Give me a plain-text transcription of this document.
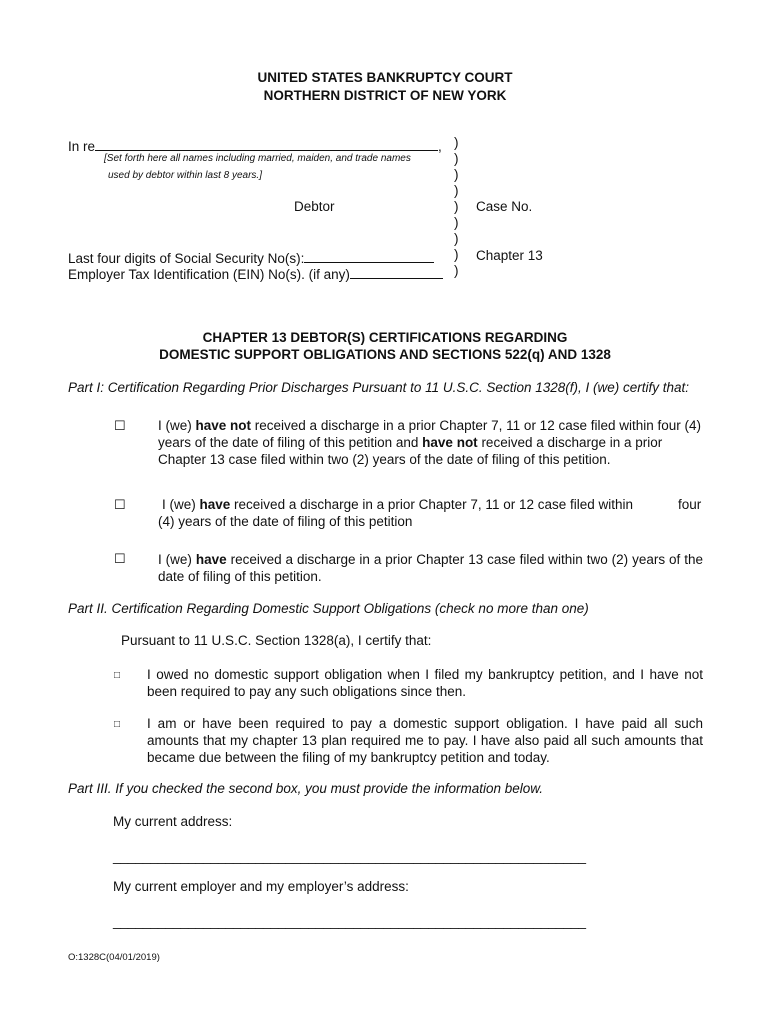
UNITED STATES BANKRUPTCY COURT
NORTHERN DISTRICT OF NEW YORK
In re	,
[Set forth here all names including married, maiden, and trade names
used by debtor within last 8 years.]
Debtor
Last four digits of Social Security No(s):
Employer Tax Identification (EIN) No(s). (if any)
)
)
)
)
)
)
)
)
)
Case No.
Chapter 13
CHAPTER 13 DEBTOR(S) CERTIFICATIONS REGARDING
DOMESTIC SUPPORT OBLIGATIONS AND SECTIONS 522(q) AND 1328
Part I: Certification Regarding Prior Discharges Pursuant to 11 U.S.C. Section 1328(f), I (we) certify that:
☐ I (we) have not received a discharge in a prior Chapter 7, 11 or 12 case filed within four (4) years of the date of filing of this petition and have not received a discharge in a prior Chapter 13 case filed within two (2) years of the date of filing of this petition.
☐	I (we) have received a discharge in a prior Chapter 7, 11 or 12 case filed within	four
(4) years of the date of filing of this petition
☐ I (we) have received a discharge in a prior Chapter 13 case filed within two (2) years of the date of filing of this petition.
Part II. Certification Regarding Domestic Support Obligations (check no more than one)
Pursuant to 11 U.S.C. Section 1328(a), I certify that:
□ I owed no domestic support obligation when I filed my bankruptcy petition, and I have not been required to pay any such obligations since then.
□ I am or have been required to pay a domestic support obligation. I have paid all such amounts that my chapter 13 plan required me to pay. I have also paid all such amounts that became due between the filing of my bankruptcy petition and today.
Part III. If you checked the second box, you must provide the information below.
My current address:
_______________________________________________________________
My current employer and my employer’s address:
_______________________________________________________________
O:1328C(04/01/2019)
